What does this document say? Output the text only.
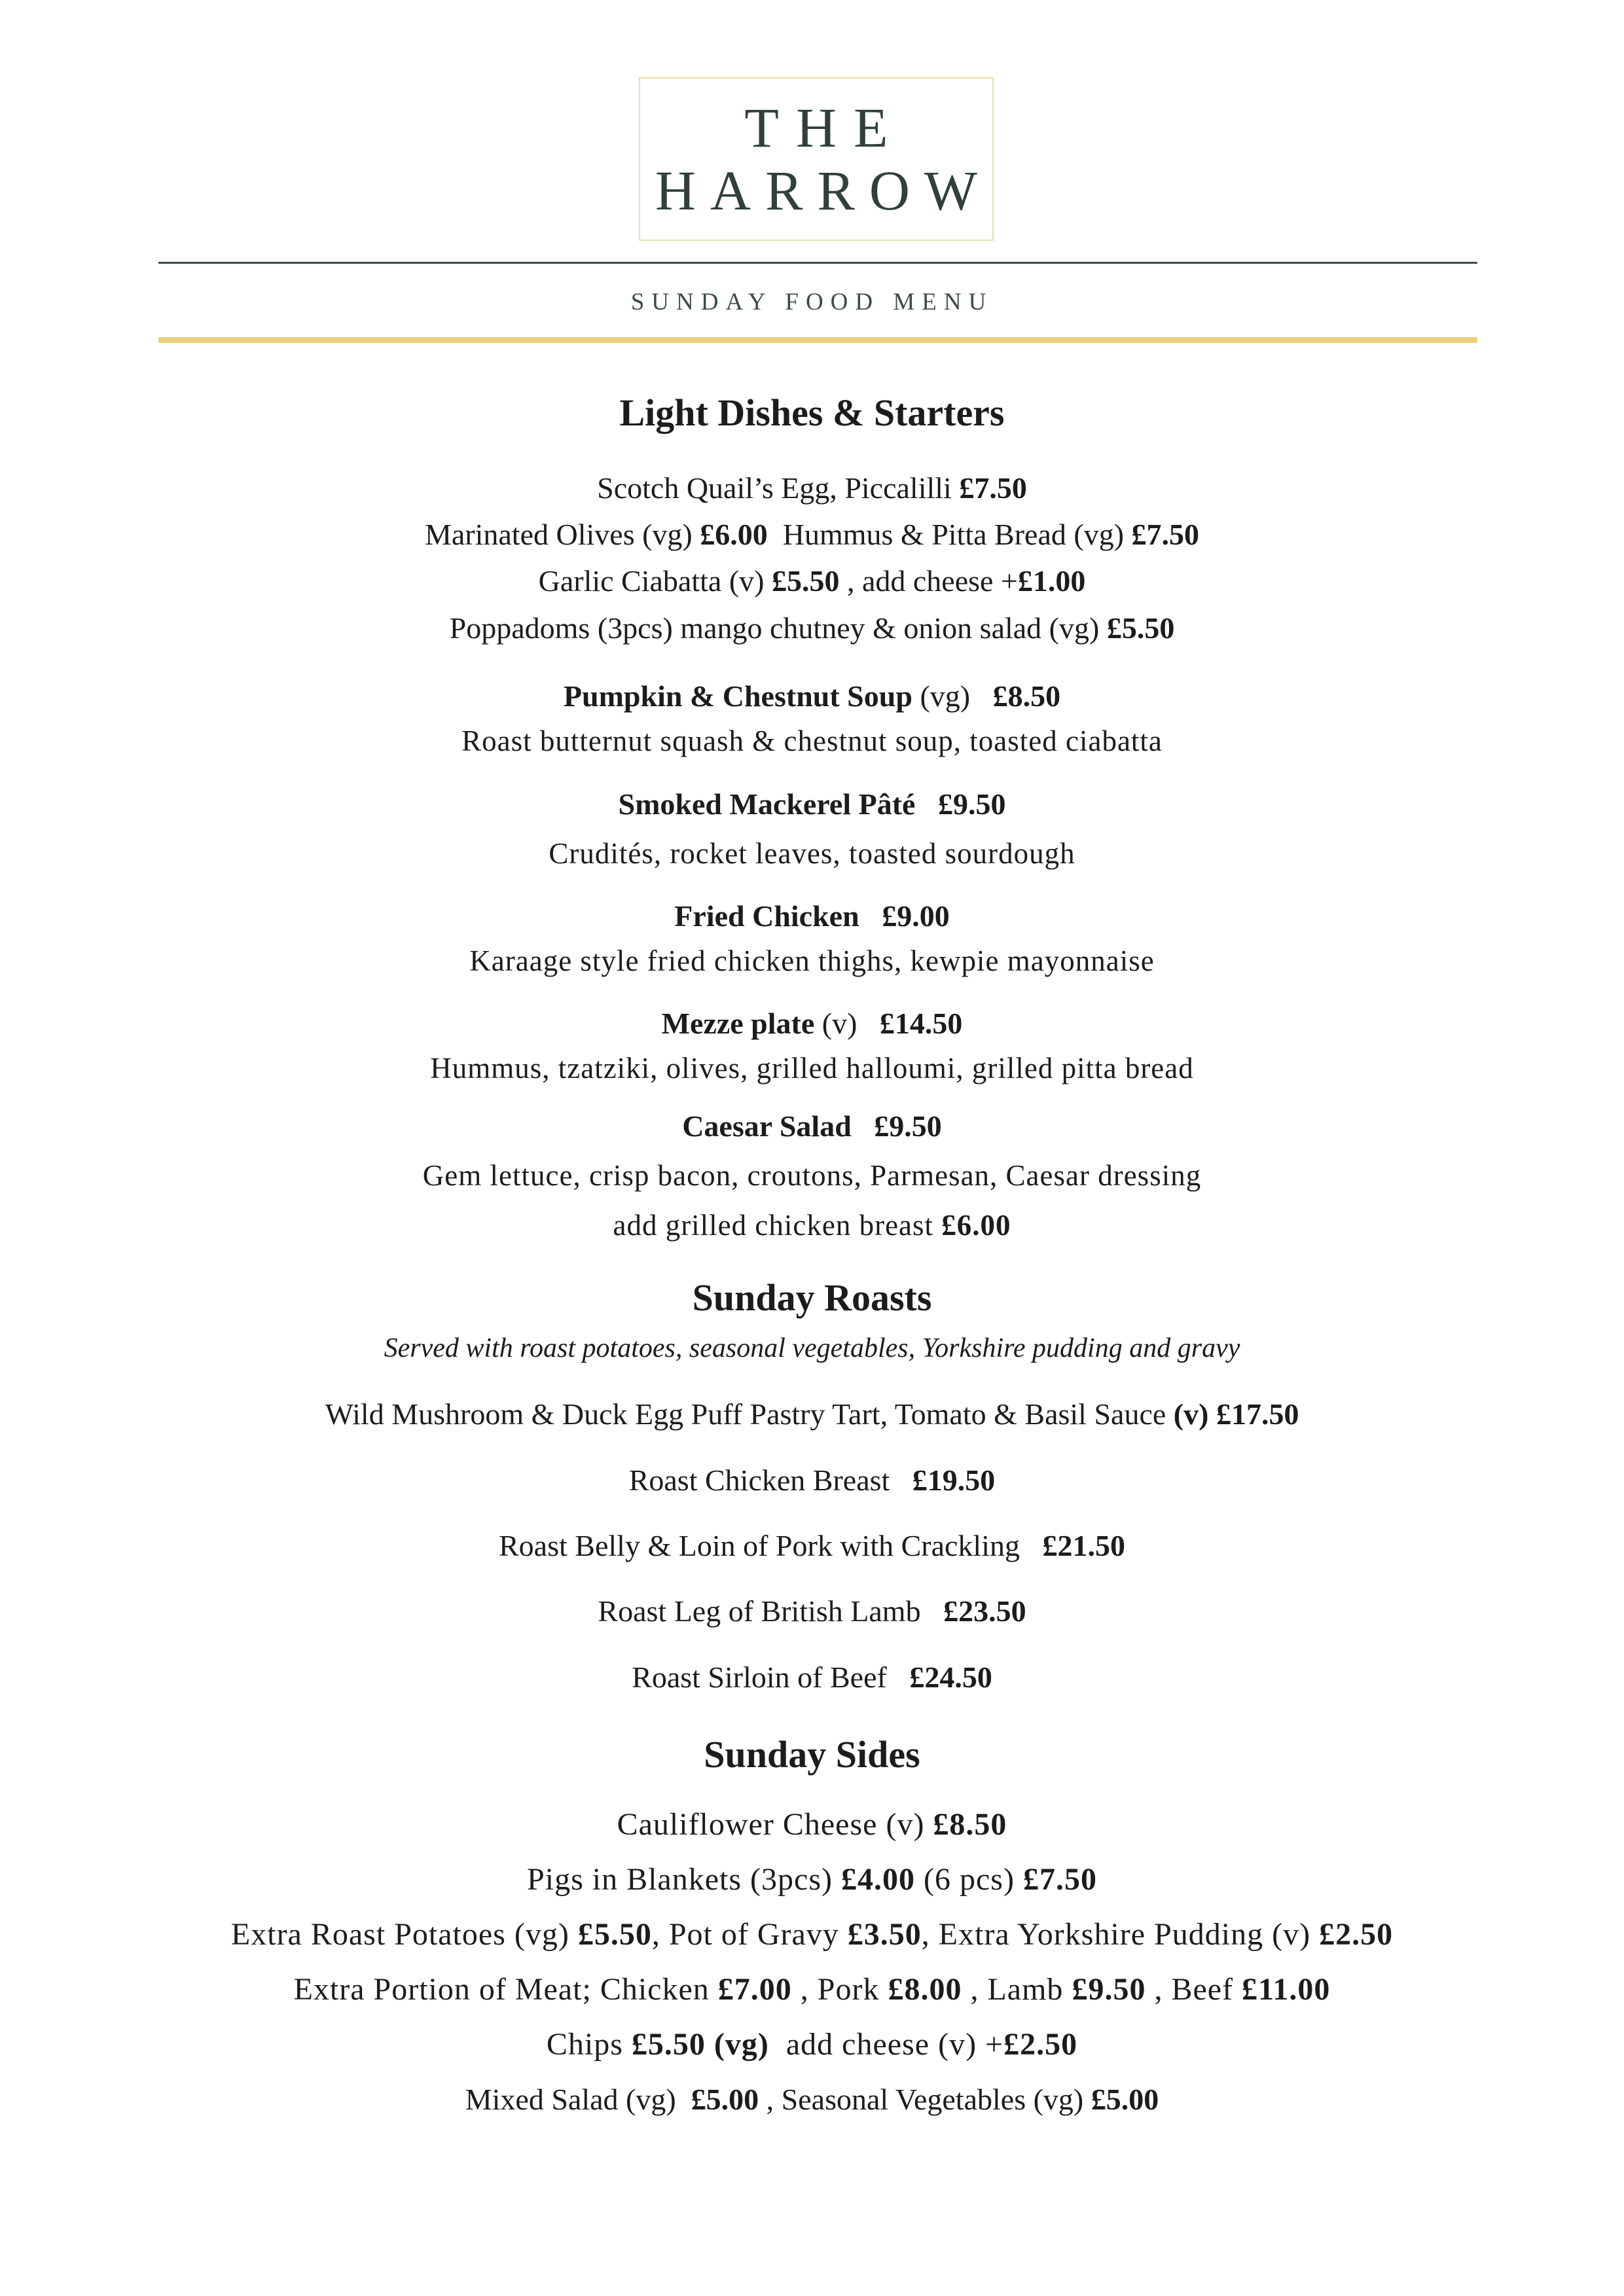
THE
HARROW
SUNDAY FOOD MENU
Light Dishes & Starters
Scotch Quail’s Egg, Piccalilli £7.50
Marinated Olives (vg) £6.00  Hummus & Pitta Bread (vg) £7.50
Garlic Ciabatta (v) £5.50 , add cheese +£1.00
Poppadoms (3pcs) mango chutney & onion salad (vg) £5.50
Pumpkin & Chestnut Soup (vg)   £8.50
Roast butternut squash & chestnut soup, toasted ciabatta
Smoked Mackerel Pâté   £9.50
Crudités, rocket leaves, toasted sourdough
Fried Chicken   £9.00
Karaage style fried chicken thighs, kewpie mayonnaise
Mezze plate (v)   £14.50
Hummus, tzatziki, olives, grilled halloumi, grilled pitta bread
Caesar Salad   £9.50
Gem lettuce, crisp bacon, croutons, Parmesan, Caesar dressing
add grilled chicken breast £6.00
Sunday Roasts
Served with roast potatoes, seasonal vegetables, Yorkshire pudding and gravy
Wild Mushroom & Duck Egg Puff Pastry Tart, Tomato & Basil Sauce (v) £17.50
Roast Chicken Breast   £19.50
Roast Belly & Loin of Pork with Crackling   £21.50
Roast Leg of British Lamb   £23.50
Roast Sirloin of Beef   £24.50
Sunday Sides
Cauliflower Cheese (v) £8.50
Pigs in Blankets (3pcs) £4.00 (6 pcs) £7.50
Extra Roast Potatoes (vg) £5.50, Pot of Gravy £3.50, Extra Yorkshire Pudding (v) £2.50
Extra Portion of Meat; Chicken £7.00 , Pork £8.00 , Lamb £9.50 , Beef £11.00
Chips £5.50 (vg)  add cheese (v) +£2.50
Mixed Salad (vg)  £5.00 , Seasonal Vegetables (vg) £5.00
